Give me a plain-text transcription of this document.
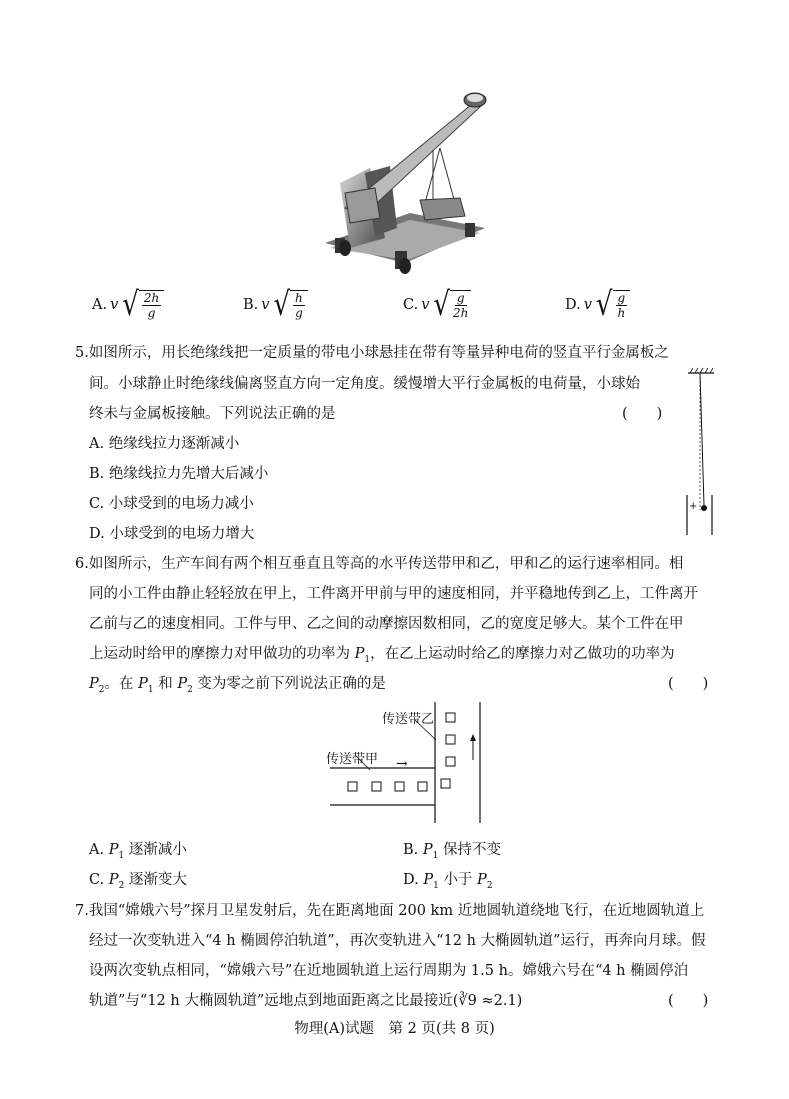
A. v √ $\frac{2h}{g}$	B. v √ $\frac{h}{g}$	C. v √ $\frac{g}{2h}$	D. v √ $\frac{g}{h}$
5.如图所示，用长绝缘线把一定质量的带电小球悬挂在带有等量异种电荷的竖直平行金属板之
间。小球静止时绝缘线偏离竖直方向一定角度。缓慢增大平行金属板的电荷量，小球始
终未与金属板接触。下列说法正确的是	(　　)
A. 绝缘线拉力逐渐减小
B. 绝缘线拉力先增大后减小
C. 小球受到的电场力减小
D. 小球受到的电场力增大
+ -
6.如图所示，生产车间有两个相互垂直且等高的水平传送带甲和乙，甲和乙的运行速率相同。相
同的小工件由静止轻轻放在甲上，工件离开甲前与甲的速度相同，并平稳地传到乙上，工件离开
乙前与乙的速度相同。工件与甲、乙之间的动摩擦因数相同，乙的宽度足够大。某个工件在甲
上运动时给甲的摩擦力对甲做功的功率为 $P_1$，在乙上运动时给乙的摩擦力对乙做功的功率为
$P_2$。在 $P_1$ 和 $P_2$ 变为零之前下列说法正确的是	(　　)
传送带乙
传送带甲 →
A. $P_1$ 逐渐减小	B. $P_1$ 保持不变
C. $P_2$ 逐渐变大	D. $P_1$ 小于 $P_2$
7.我国“嫦娥六号”探月卫星发射后，先在距离地面 200 km 近地圆轨道绕地飞行，在近地圆轨道上
经过一次变轨进入“4 h 椭圆停泊轨道”，再次变轨进入“12 h 大椭圆轨道”运行，再奔向月球。假
设两次变轨点相同，“嫦娥六号”在近地圆轨道上运行周期为 1.5 h。嫦娥六号在“4 h 椭圆停泊
轨道”与“12 h 大椭圆轨道”远地点到地面距离之比最接近(∛9 ≈2.1)	(　　)
物理(A)试题　第 2 页(共 8 页)
